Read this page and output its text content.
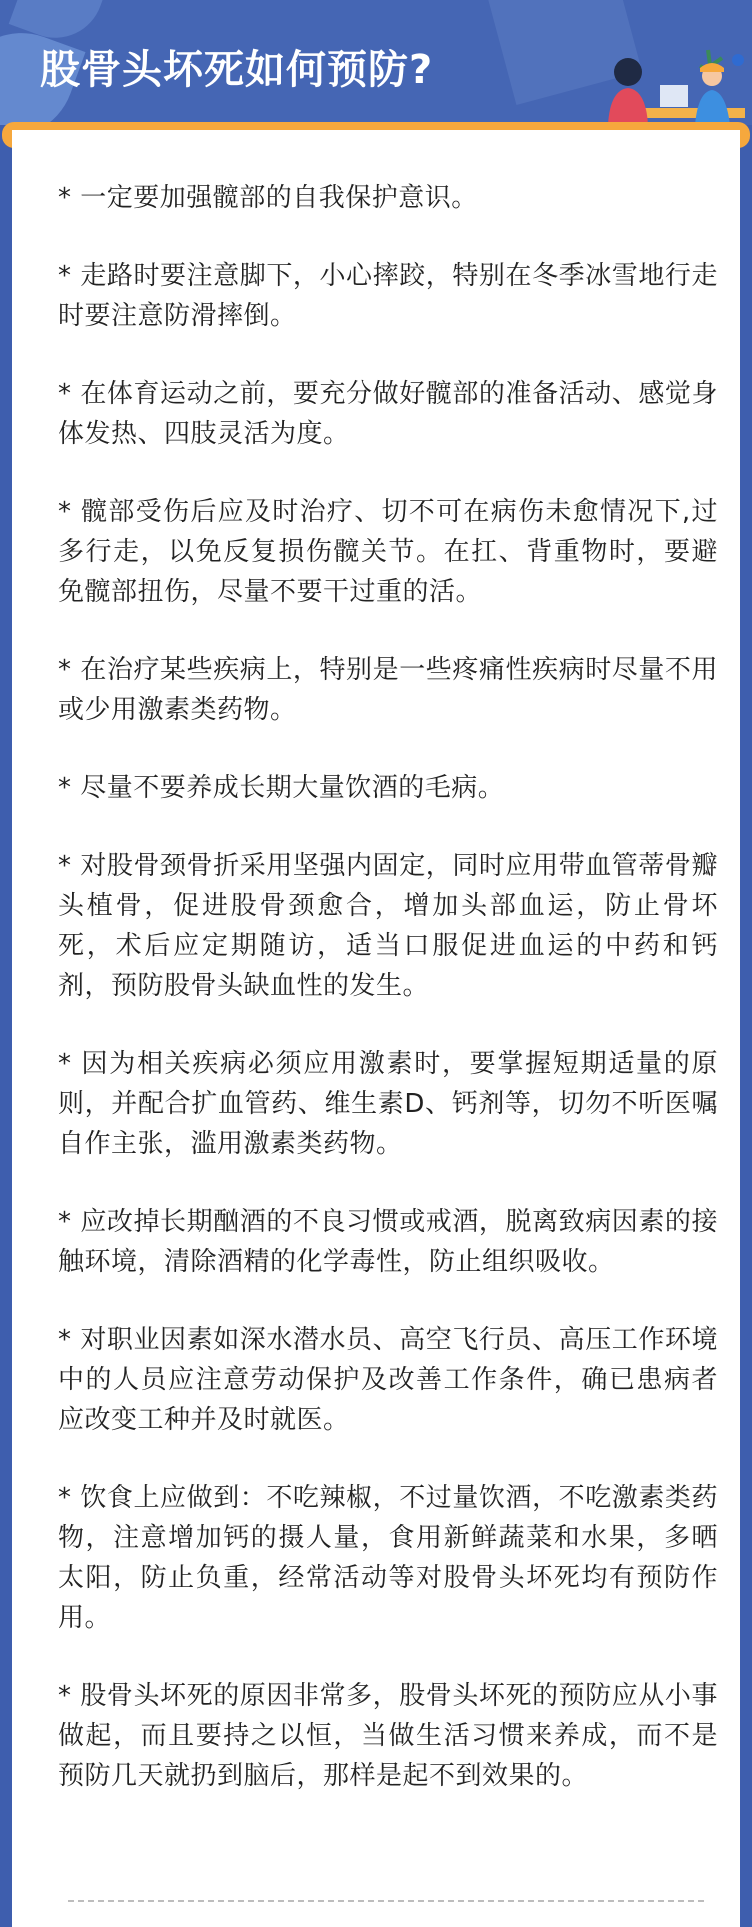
股骨头坏死如何预防?
* 一定要加强髋部的自我保护意识。
* 走路时要注意脚下，小心摔跤，特别在冬季冰雪地行走时要注意防滑摔倒。
* 在体育运动之前，要充分做好髋部的准备活动、感觉身体发热、四肢灵活为度。
* 髋部受伤后应及时治疗、切不可在病伤未愈情况下,过多行走，以免反复损伤髋关节。在扛、背重物时，要避免髋部扭伤，尽量不要干过重的活。
* 在治疗某些疾病上，特别是一些疼痛性疾病时尽量不用或少用激素类药物。
* 尽量不要养成长期大量饮酒的毛病。
* 对股骨颈骨折采用坚强内固定，同时应用带血管蒂骨瓣头植骨，促进股骨颈愈合，增加头部血运，防止骨坏死，术后应定期随访，适当口服促进血运的中药和钙剂，预防股骨头缺血性的发生。
* 因为相关疾病必须应用激素时，要掌握短期适量的原则，并配合扩血管药、维生素D、钙剂等，切勿不听医嘱自作主张，滥用激素类药物。
* 应改掉长期酗酒的不良习惯或戒酒，脱离致病因素的接触环境，清除酒精的化学毒性，防止组织吸收。
* 对职业因素如深水潜水员、高空飞行员、高压工作环境中的人员应注意劳动保护及改善工作条件，确已患病者应改变工种并及时就医。
* 饮食上应做到：不吃辣椒，不过量饮酒，不吃激素类药物，注意增加钙的摄人量，食用新鲜蔬菜和水果，多晒太阳，防止负重，经常活动等对股骨头坏死均有预防作用。
* 股骨头坏死的原因非常多，股骨头坏死的预防应从小事做起，而且要持之以恒，当做生活习惯来养成，而不是预防几天就扔到脑后，那样是起不到效果的。
